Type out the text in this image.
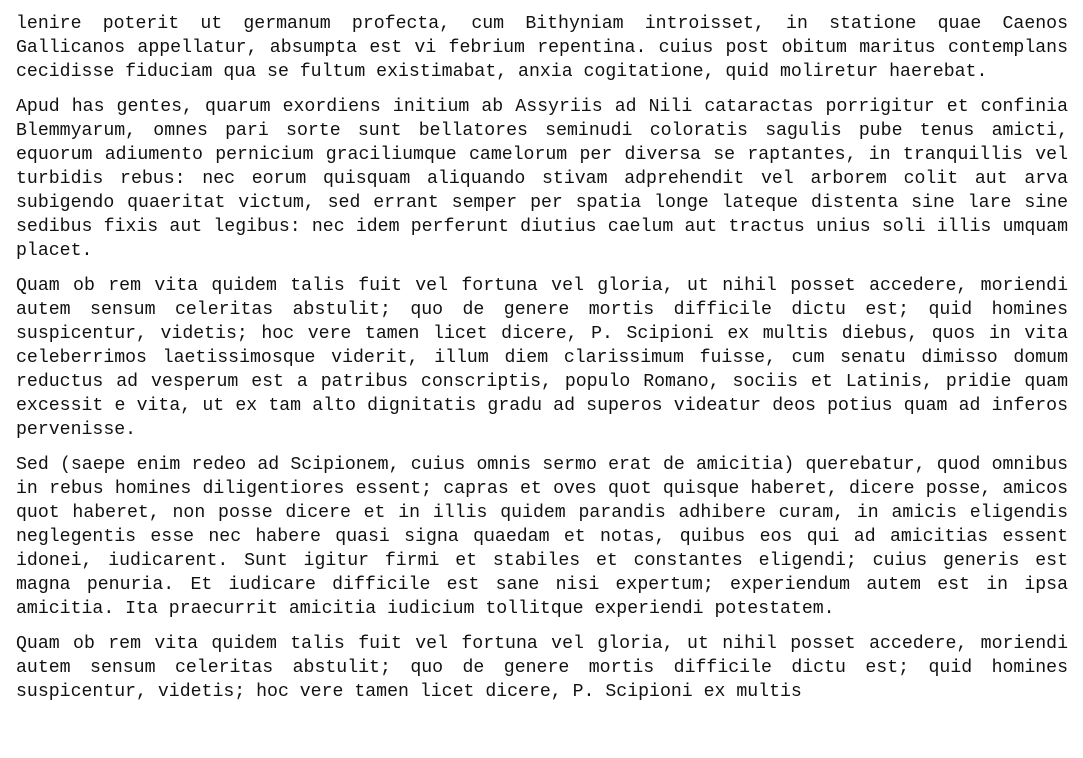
lenire poterit ut germanum profecta, cum Bithyniam introisset, in statione quae Caenos Gallicanos appellatur, absumpta est vi febrium repentina. cuius post obitum maritus contemplans cecidisse fiduciam qua se fultum existimabat, anxia cogitatione, quid moliretur haerebat.

Apud has gentes, quarum exordiens initium ab Assyriis ad Nili cataractas porrigitur et confinia Blemmyarum, omnes pari sorte sunt bellatores seminudi coloratis sagulis pube tenus amicti, equorum adiumento pernicium graciliumque camelorum per diversa se raptantes, in tranquillis vel turbidis rebus: nec eorum quisquam aliquando stivam adprehendit vel arborem colit aut arva subigendo quaeritat victum, sed errant semper per spatia longe lateque distenta sine lare sine sedibus fixis aut legibus: nec idem perferunt diutius caelum aut tractus unius soli illis umquam placet.

Quam ob rem vita quidem talis fuit vel fortuna vel gloria, ut nihil posset accedere, moriendi autem sensum celeritas abstulit; quo de genere mortis difficile dictu est; quid homines suspicentur, videtis; hoc vere tamen licet dicere, P. Scipioni ex multis diebus, quos in vita celeberrimos laetissimosque viderit, illum diem clarissimum fuisse, cum senatu dimisso domum reductus ad vesperum est a patribus conscriptis, populo Romano, sociis et Latinis, pridie quam excessit e vita, ut ex tam alto dignitatis gradu ad superos videatur deos potius quam ad inferos pervenisse.

Sed (saepe enim redeo ad Scipionem, cuius omnis sermo erat de amicitia) querebatur, quod omnibus in rebus homines diligentiores essent; capras et oves quot quisque haberet, dicere posse, amicos quot haberet, non posse dicere et in illis quidem parandis adhibere curam, in amicis eligendis neglegentis esse nec habere quasi signa quaedam et notas, quibus eos qui ad amicitias essent idonei, iudicarent. Sunt igitur firmi et stabiles et constantes eligendi; cuius generis est magna penuria. Et iudicare difficile est sane nisi expertum; experiendum autem est in ipsa amicitia. Ita praecurrit amicitia iudicium tollitque experiendi potestatem.

Quam ob rem vita quidem talis fuit vel fortuna vel gloria, ut nihil posset accedere, moriendi autem sensum celeritas abstulit; quo de genere mortis difficile dictu est; quid homines suspicentur, videtis; hoc vere tamen licet dicere, P. Scipioni ex multis
